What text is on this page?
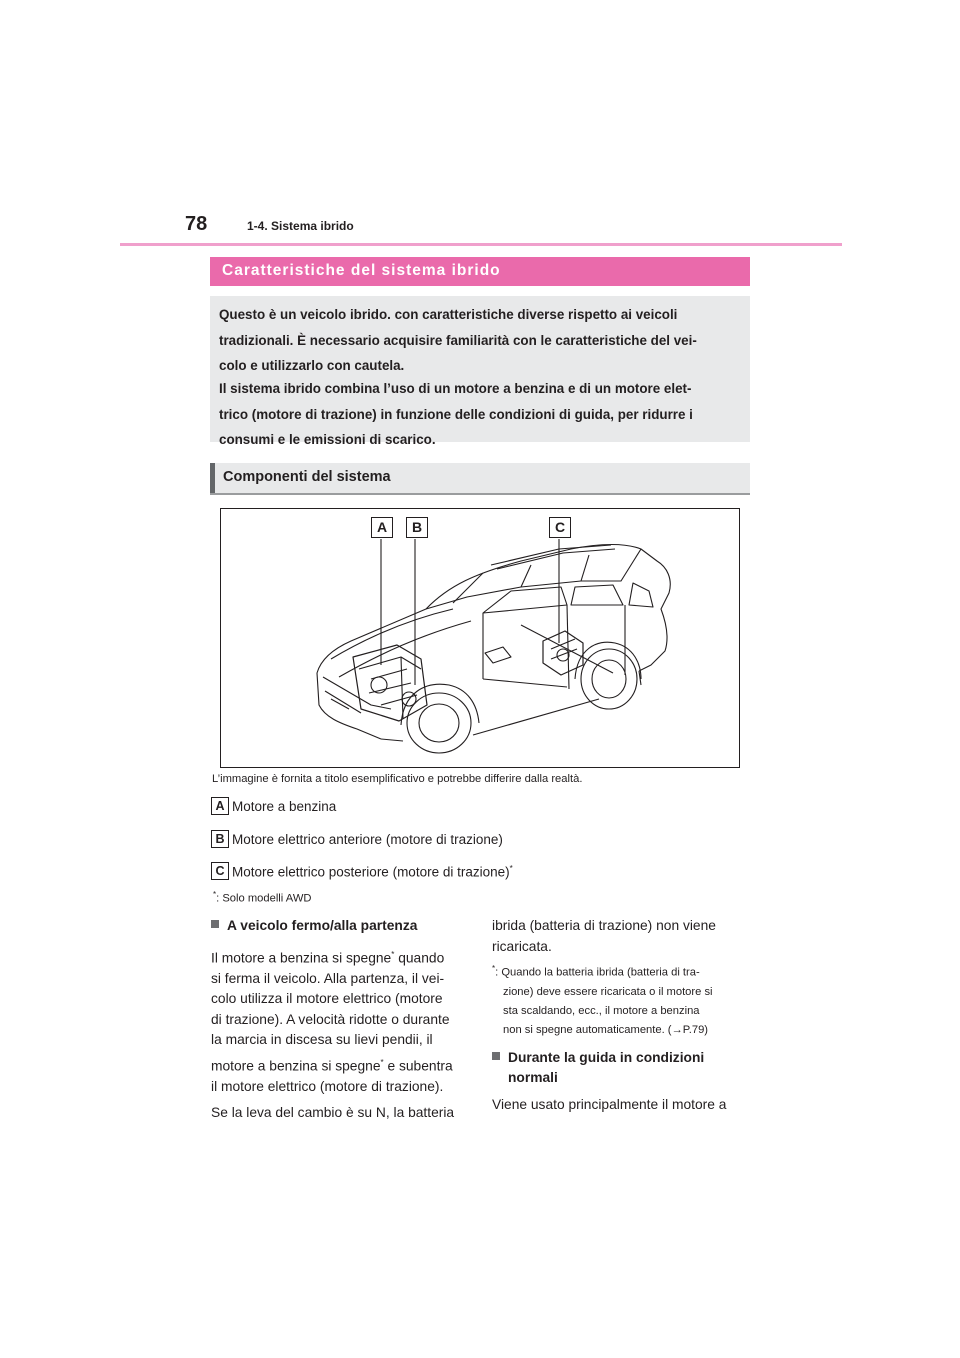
78	1-4. Sistema ibrido
Caratteristiche del sistema ibrido
Questo è un veicolo ibrido. con caratteristiche diverse rispetto ai veicoli
tradizionali. È necessario acquisire familiarità con le caratteristiche del vei-
colo e utilizzarlo con cautela.
Il sistema ibrido combina l’uso di un motore a benzina e di un motore elet-
trico (motore di trazione) in funzione delle condizioni di guida, per ridurre i
consumi e le emissioni di scarico.
Componenti del sistema
A	B	C
L’immagine è fornita a titolo esemplificativo e potrebbe differire dalla realtà.
A Motore a benzina
B Motore elettrico anteriore (motore di trazione)
C Motore elettrico posteriore (motore di trazione)*
*: Solo modelli AWD
A veicolo fermo/alla partenza
Il motore a benzina si spegne* quando
si ferma il veicolo. Alla partenza, il vei-
colo utilizza il motore elettrico (motore
di trazione). A velocità ridotte o durante
la marcia in discesa su lievi pendii, il
motore a benzina si spegne* e subentra
il motore elettrico (motore di trazione).
Se la leva del cambio è su N, la batteria
ibrida (batteria di trazione) non viene
ricaricata.
*: Quando la batteria ibrida (batteria di tra-
zione) deve essere ricaricata o il motore si
sta scaldando, ecc., il motore a benzina
non si spegne automaticamente. (→P.79)
Durante la guida in condizioni
normali
Viene usato principalmente il motore a
